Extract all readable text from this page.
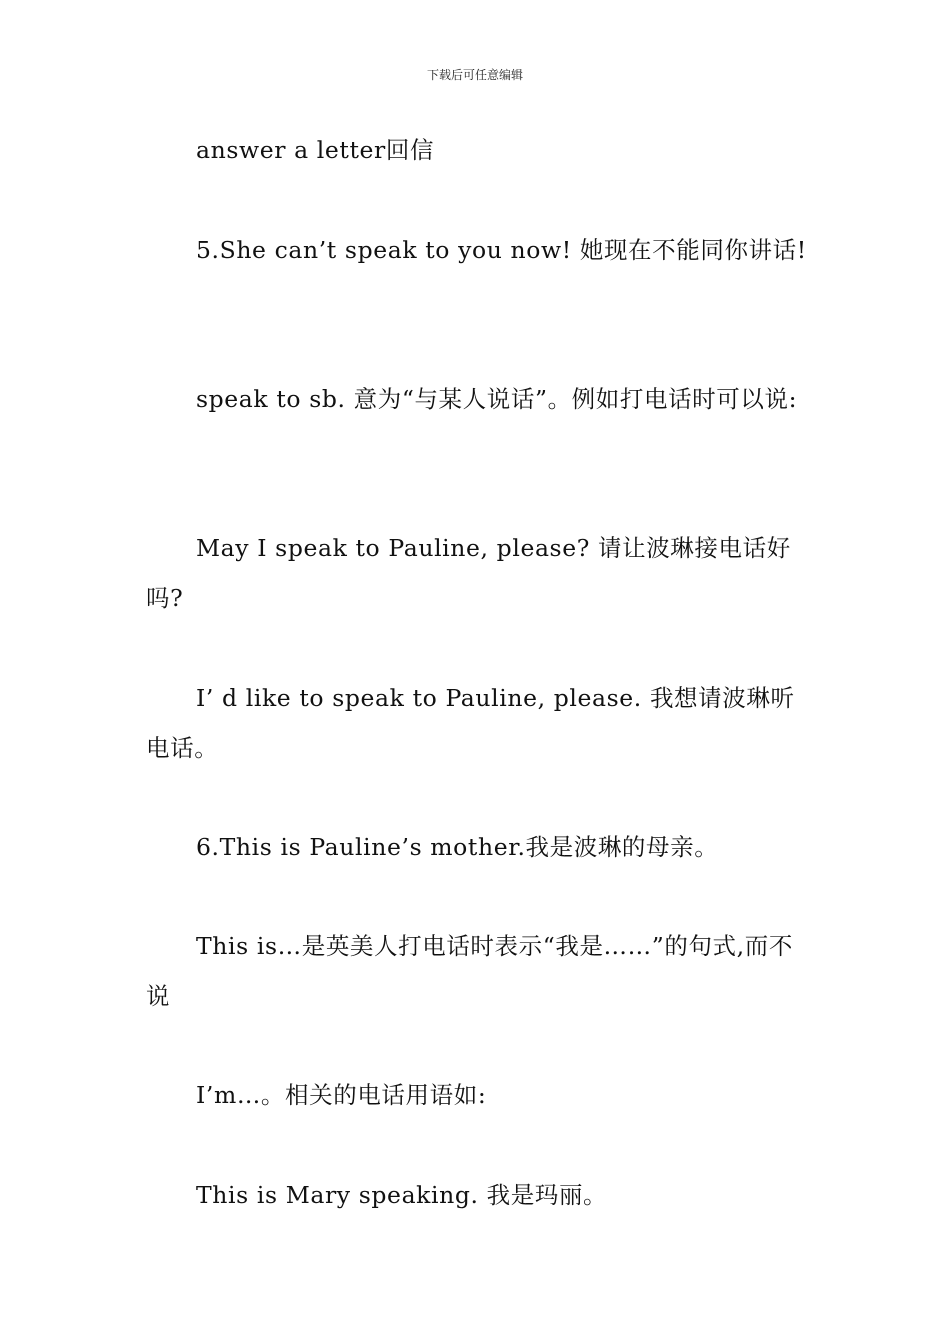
下载后可任意编辑
answer a letter回信
5.She can’t speak to you now! 她现在不能同你讲话!
speak to sb. 意为“与某人说话”。例如打电话时可以说:
May I speak to Pauline, please? 请让波琳接电话好吗?
I’ d like to speak to Pauline, please. 我想请波琳听电话。
6.This is Pauline’s mother.我是波琳的母亲。
This is…是英美人打电话时表示“我是……”的句式,而不说
I’m…。相关的电话用语如:
This is Mary speaking. 我是玛丽。
